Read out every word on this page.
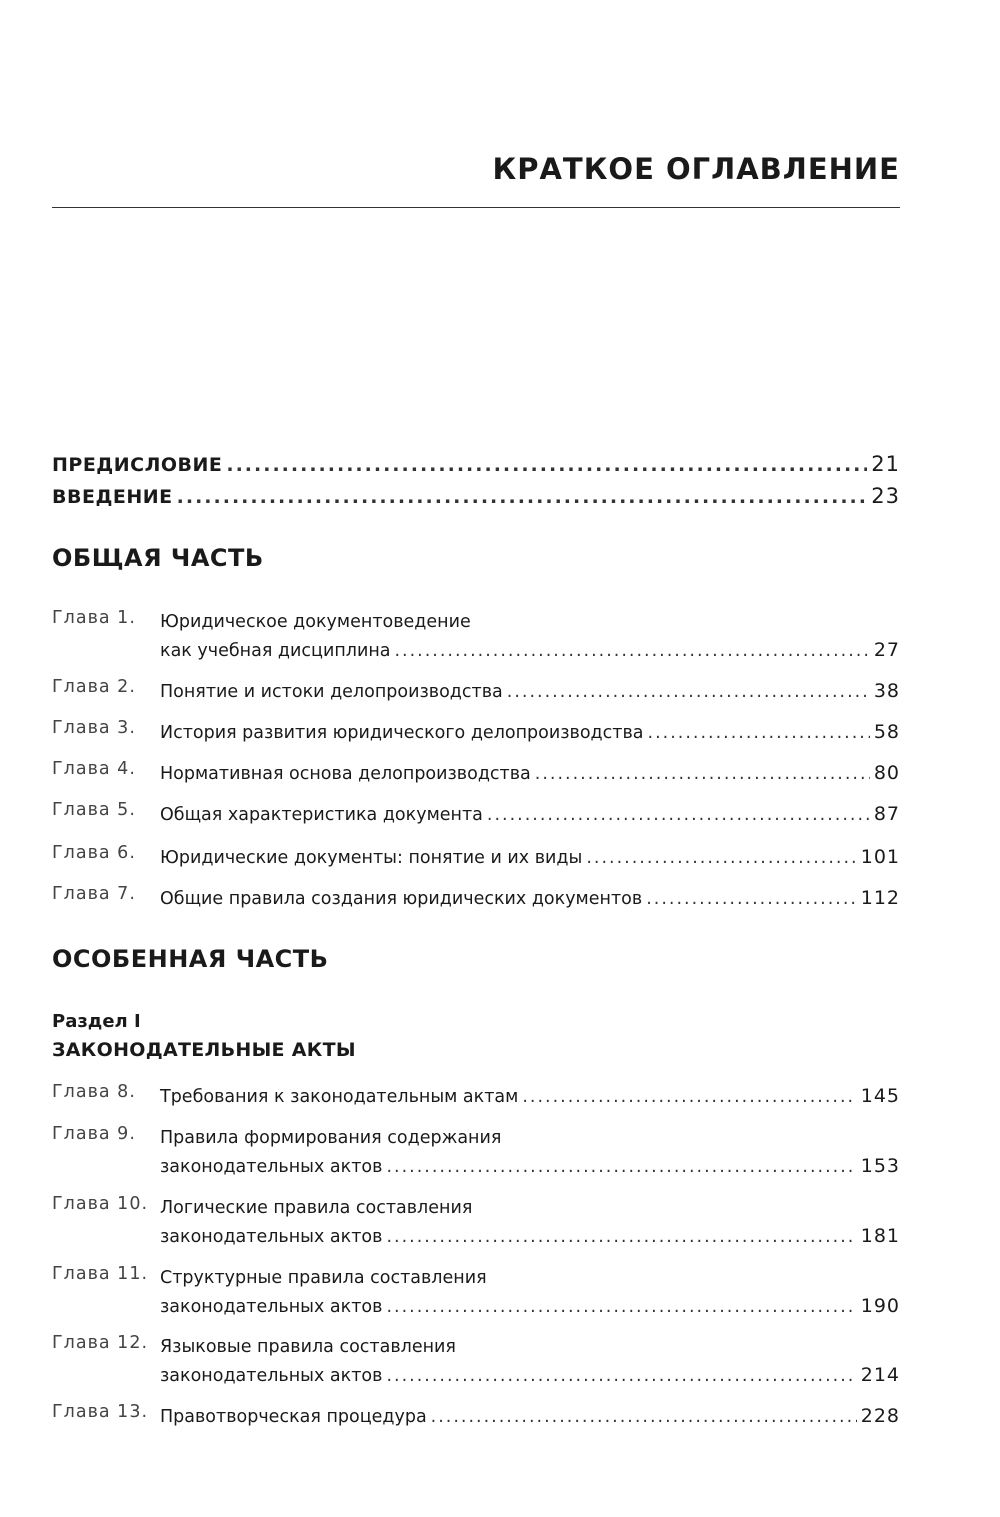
КРАТКОЕ ОГЛАВЛЕНИЕ
ПРЕДИСЛОВИЕ .....	21
ВВЕДЕНИЕ .....	23
ОБЩАЯ ЧАСТЬ
Глава 1. Юридическое документоведение
как учебная дисциплина .....	27
Глава 2. Понятие и истоки делопроизводства .....	38
Глава 3. История развития юридического делопроизводства .....	58
Глава 4. Нормативная основа делопроизводства .....	80
Глава 5. Общая характеристика документа .....	87
Глава 6. Юридические документы: понятие и их виды .....	101
Глава 7. Общие правила создания юридических документов .....	112
ОСОБЕННАЯ ЧАСТЬ
Раздел I
ЗАКОНОДАТЕЛЬНЫЕ АКТЫ
Глава 8. Требования к законодательным актам .....	145
Глава 9. Правила формирования содержания
законодательных актов .....	153
Глава 10. Логические правила составления
законодательных актов .....	181
Глава 11. Структурные правила составления
законодательных актов .....	190
Глава 12. Языковые правила составления
законодательных актов .....	214
Глава 13. Правотворческая процедура .....	228
